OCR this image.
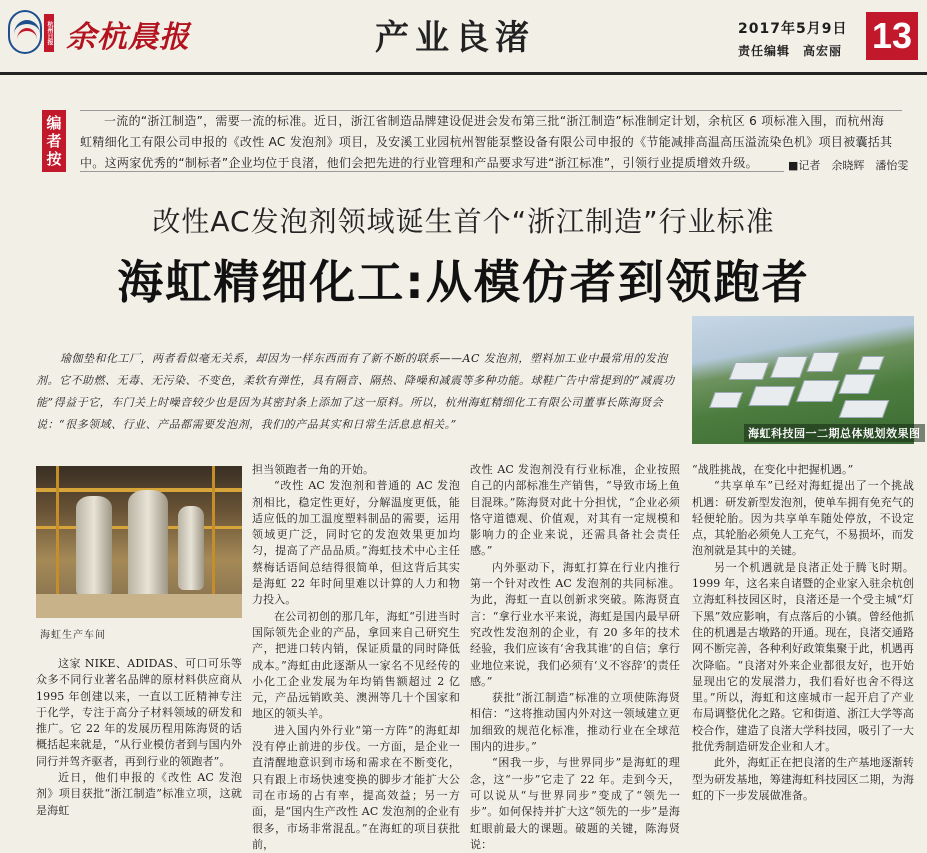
杭州日报 余杭晨报	产业良渚	2017年5月9日
责任编辑　高宏丽 13
编者按

一流的“浙江制造”，需要一流的标准。近日，浙江省制造品牌建设促进会发布第三批“浙江制造”标准制定计划，余杭区 6 项标准入围，而杭州海虹精细化工有限公司申报的《改性 AC 发泡剂》项目，及安溪工业园杭州智能泵整设备有限公司申报的《节能减排高温高压溢流染色机》项目被囊括其中。这两家优秀的“制标者”企业均位于良渚，他们会把先进的行业管理和产品要求写进“浙江标准”，引领行业提质增效升级。	■记者　余晓辉　潘怡雯
改性AC发泡剂领域诞生首个“浙江制造”行业标准
海虹精细化工:从模仿者到领跑者

瑜伽垫和化工厂，两者看似毫无关系，却因为一样东西而有了新不断的联系——AC 发泡剂，塑料加工业中最常用的发泡剂。它不助燃、无毒、无污染、不变色，柔软有弹性，具有隔音、隔热、降噪和减震等多种功能。球鞋广告中常提到的“减震功能”得益于它，车门关上时噪音较少也是因为其密封条上添加了这一原料。所以，杭州海虹精细化工有限公司董事长陈海贤会说：“很多领域、行业、产品都需要发泡剂，我们的产品其实和日常生活息息相关。”

海虹科技园一二期总体规划效果图
海虹生产车间

这家 NIKE、ADIDAS、可口可乐等众多不同行业著名品牌的原材料供应商从 1995 年创建以来，一直以工匠精神专注于化学，专注于高分子材料领域的研发和推广。它 22 年的发展历程用陈海贤的话概括起来就是，“从行业模仿者到与国内外同行并驾齐驱者，再到行业的领跑者”。

近日，他们申报的《改性 AC 发泡剂》项目获批“浙江制造”标准立项，这就是海虹

担当领跑者一角的开始。

“改性 AC 发泡剂和普通的 AC 发泡剂相比，稳定性更好，分解温度更低，能适应低的加工温度塑料制品的需要，运用领域更广泛，同时它的发泡效果更加均匀，提高了产品品质。”海虹技术中心主任蔡梅话语间总结得很简单，但这背后其实是海虹 22 年时间里难以计算的人力和物力投入。

在公司初创的那几年，海虹“引进当时国际领先企业的产品，拿回来自己研究生产，把进口转内销，保证质量的同时降低成本。”海虹由此逐渐从一家名不见经传的小化工企业发展为年均销售额超过 2 亿元，产品远销欧美、澳洲等几十个国家和地区的领头羊。

进入国内外行业“第一方阵”的海虹却没有停止前进的步伐。一方面，是企业一直清醒地意识到市场和需求在不断变化，只有跟上市场快速变换的脚步才能扩大公司在市场的占有率，提高效益；另一方面，是“国内生产改性 AC 发泡剂的企业有很多，市场非常混乱。”在海虹的项目获批前，

改性 AC 发泡剂没有行业标准，企业按照自己的内部标准生产销售，“导致市场上鱼目混珠。”陈海贤对此十分担忧，“企业必须恪守道德观、价值观，对其有一定规模和影响力的企业来说，还需具备社会责任感。”

内外驱动下，海虹打算在行业内推行第一个针对改性 AC 发泡剂的共同标准。为此，海虹一直以创新求突破。陈海贤直言：“拿行业水平来说，海虹是国内最早研究改性发泡剂的企业，有 20 多年的技术经验，我们应该有‘舍我其谁’的自信；拿行业地位来说，我们必须有‘义不容辞’的责任感。”

获批“浙江制造”标准的立项使陈海贤相信：“这将推动国内外对这一领域建立更加细致的规范化标准，推动行业在全球范围内的进步。”

“困我一步，与世界同步”是海虹的理念，这“一步”它走了 22 年。走到今天，可以说从“与世界同步”变成了“领先一步”。如何保持并扩大这“领先的一步”是海虹眼前最大的课题。破题的关键，陈海贤说：

“战胜挑战，在变化中把握机遇。”

“共享单车”已经对海虹提出了一个挑战机遇：研发新型发泡剂，使单车拥有免充气的轻便轮胎。因为共享单车随处停放，不设定点，其轮胎必须免人工充气，不易损坏，而发泡剂就是其中的关键。

另一个机遇就是良渚正处于腾飞时期。1999 年，这名来自诸暨的企业家入驻余杭创立海虹科技园区时，良渚还是一个受主城“灯下黑”效应影响，有点落后的小镇。曾经他抓住的机遇是古墩路的开通。现在，良渚交通路网不断完善，各种利好政策集聚于此，机遇再次降临。“良渚对外来企业都很友好，也开始显现出它的发展潜力，我们看好也舍不得这里。”所以，海虹和这座城市一起开启了产业布局调整优化之路。它和街道、浙江大学等高校合作，建造了良渚大学科技园，吸引了一大批优秀制造研发企业和人才。

此外，海虹正在把良渚的生产基地逐渐转型为研发基地，筹建海虹科技园区二期，为海虹的下一步发展做准备。
